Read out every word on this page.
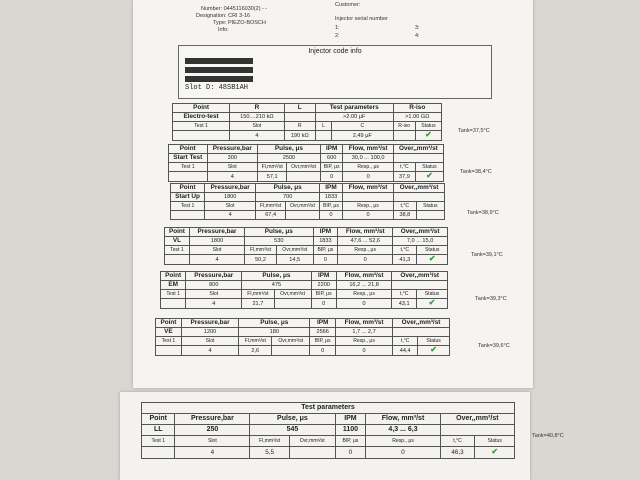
Number: 0445116030(2) - -
Designation: CRI 3-16
Type: PIEZO-BOSCH
Info:
Customer:
Injector serial number
1:	3:
2:	4:
Injector code info
Slot D: 48SB1AH
Point	R	L	Test parameters		R-iso	
Electro-test	150....210 kΩ		>2.00 μF		>1.00 GΩ	
Test 1	Slot	R	L	C	R-iso	Status
	4	190 kΩ		2,49 μF		✔	Tank=37,5°C
Point	Pressure,bar	Pulse, μs		IPM	Flow, mm³/st	Over,,mm³/st	
Start Test	300	2500		600	30,0 ... 100,0		
Test 1	Slot	Fl,mm³/st	Ovr,mm³/st	BIP, μs	Resp., μs	t,°C	Status
	4	57,1		0	0	37,9	✔	Tank=38,4°C
Point	Pressure,bar	Pulse, μs		IPM	Flow, mm³/st	Over,,mm³/st	
Start Up	1800	700		1833			
Test 1	Slot	Fl,mm³/st	Ovr,mm³/st	BIP, μs	Resp., μs	t,°C	Status
	4	67,4		0	0	38,8		Tank=38,9°C
Point	Pressure,bar	Pulse, μs		IPM	Flow, mm³/st	Over,,mm³/st	
VL	1800	530		1833	47,6 ... 52,6	7,0 ... 15,0	
Test 1	Slot	Fl,mm³/st	Ovr,mm³/st	BIP, μs	Resp., μs	t,°C	Status
	4	50,2	14,5	0	0	41,3	✔	Tank=39,1°C
Point	Pressure,bar	Pulse, μs		IPM	Flow, mm³/st	Over,,mm³/st	
EM	800	475		2200	16,2 ... 21,8		
Test 1	Slot	Fl,mm³/st	Ovr,mm³/st	BIP, μs	Resp., μs	t,°C	Status
	4	21,7		0	0	43,1	✔	Tank=39,3°C
Point	Pressure,bar	Pulse, μs		IPM	Flow, mm³/st	Over,,mm³/st	
VE	1200	180		2566	1,7 ... 2,7		
Test 1	Slot	Fl,mm³/st	Ovr,mm³/st	BIP, μs	Resp., μs	t,°C	Status
	4	2,6		0	0	44,4	✔	Tank=39,6°C
Test parameters							
Point	Pressure,bar	Pulse, μs		IPM	Flow, mm³/st	Over,,mm³/st	
LL	250	545		1100	4,3 ... 6,3		
Test 1	Slot	Fl,mm³/st	Ovr,mm³/st	BIP, μs	Resp., μs	t,°C	Status
	4	5,5		0	0	46,3	✔
Tank=40,8°C
